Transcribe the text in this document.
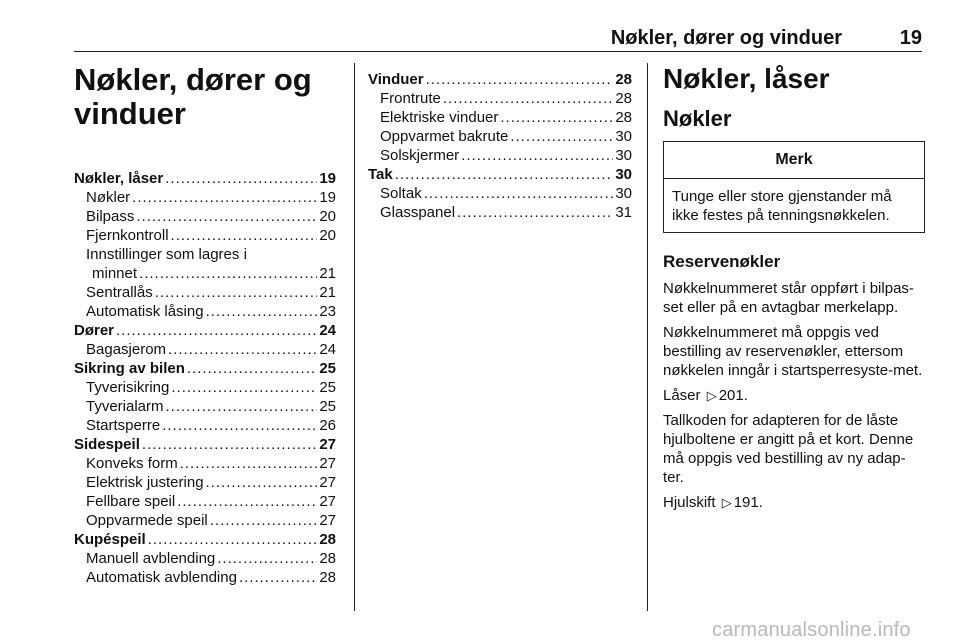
Nøkler, dører og vinduer	19
Nøkler, dører og
vinduer
Nøkler, låser .....	19
Nøkler .....	19
Bilpass .....	20
Fjernkontroll .....	20
Innstillinger som lagres i
minnet .....	21
Sentrallås .....	21
Automatisk låsing .....	23
Dører .....	24
Bagasjerom .....	24
Sikring av bilen .....	25
Tyverisikring .....	25
Tyverialarm .....	25
Startsperre .....	26
Sidespeil .....	27
Konveks form .....	27
Elektrisk justering .....	27
Fellbare speil .....	27
Oppvarmede speil .....	27
Kupéspeil .....	28
Manuell avblending .....	28
Automatisk avblending .....	28
Vinduer .....	28
Frontrute .....	28
Elektriske vinduer .....	28
Oppvarmet bakrute .....	30
Solskjermer .....	30
Tak .....	30
Soltak .....	30
Glasspanel .....	31
Nøkler, låser
Nøkler
Merk
Tunge eller store gjenstander må ikke festes på tenningsnøkkelen.
Reservenøkler

Nøkkelnummeret står oppført i bilpas-set eller på en avtagbar merkelapp.

Nøkkelnummeret må oppgis ved bestilling av reservenøkler, ettersom nøkkelen inngår i startsperresyste-met.

Låser ▷ 201.

Tallkoden for adapteren for de låste hjulboltene er angitt på et kort. Denne må oppgis ved bestilling av ny adap-ter.

Hjulskift ▷ 191.

carmanualsonline.info
